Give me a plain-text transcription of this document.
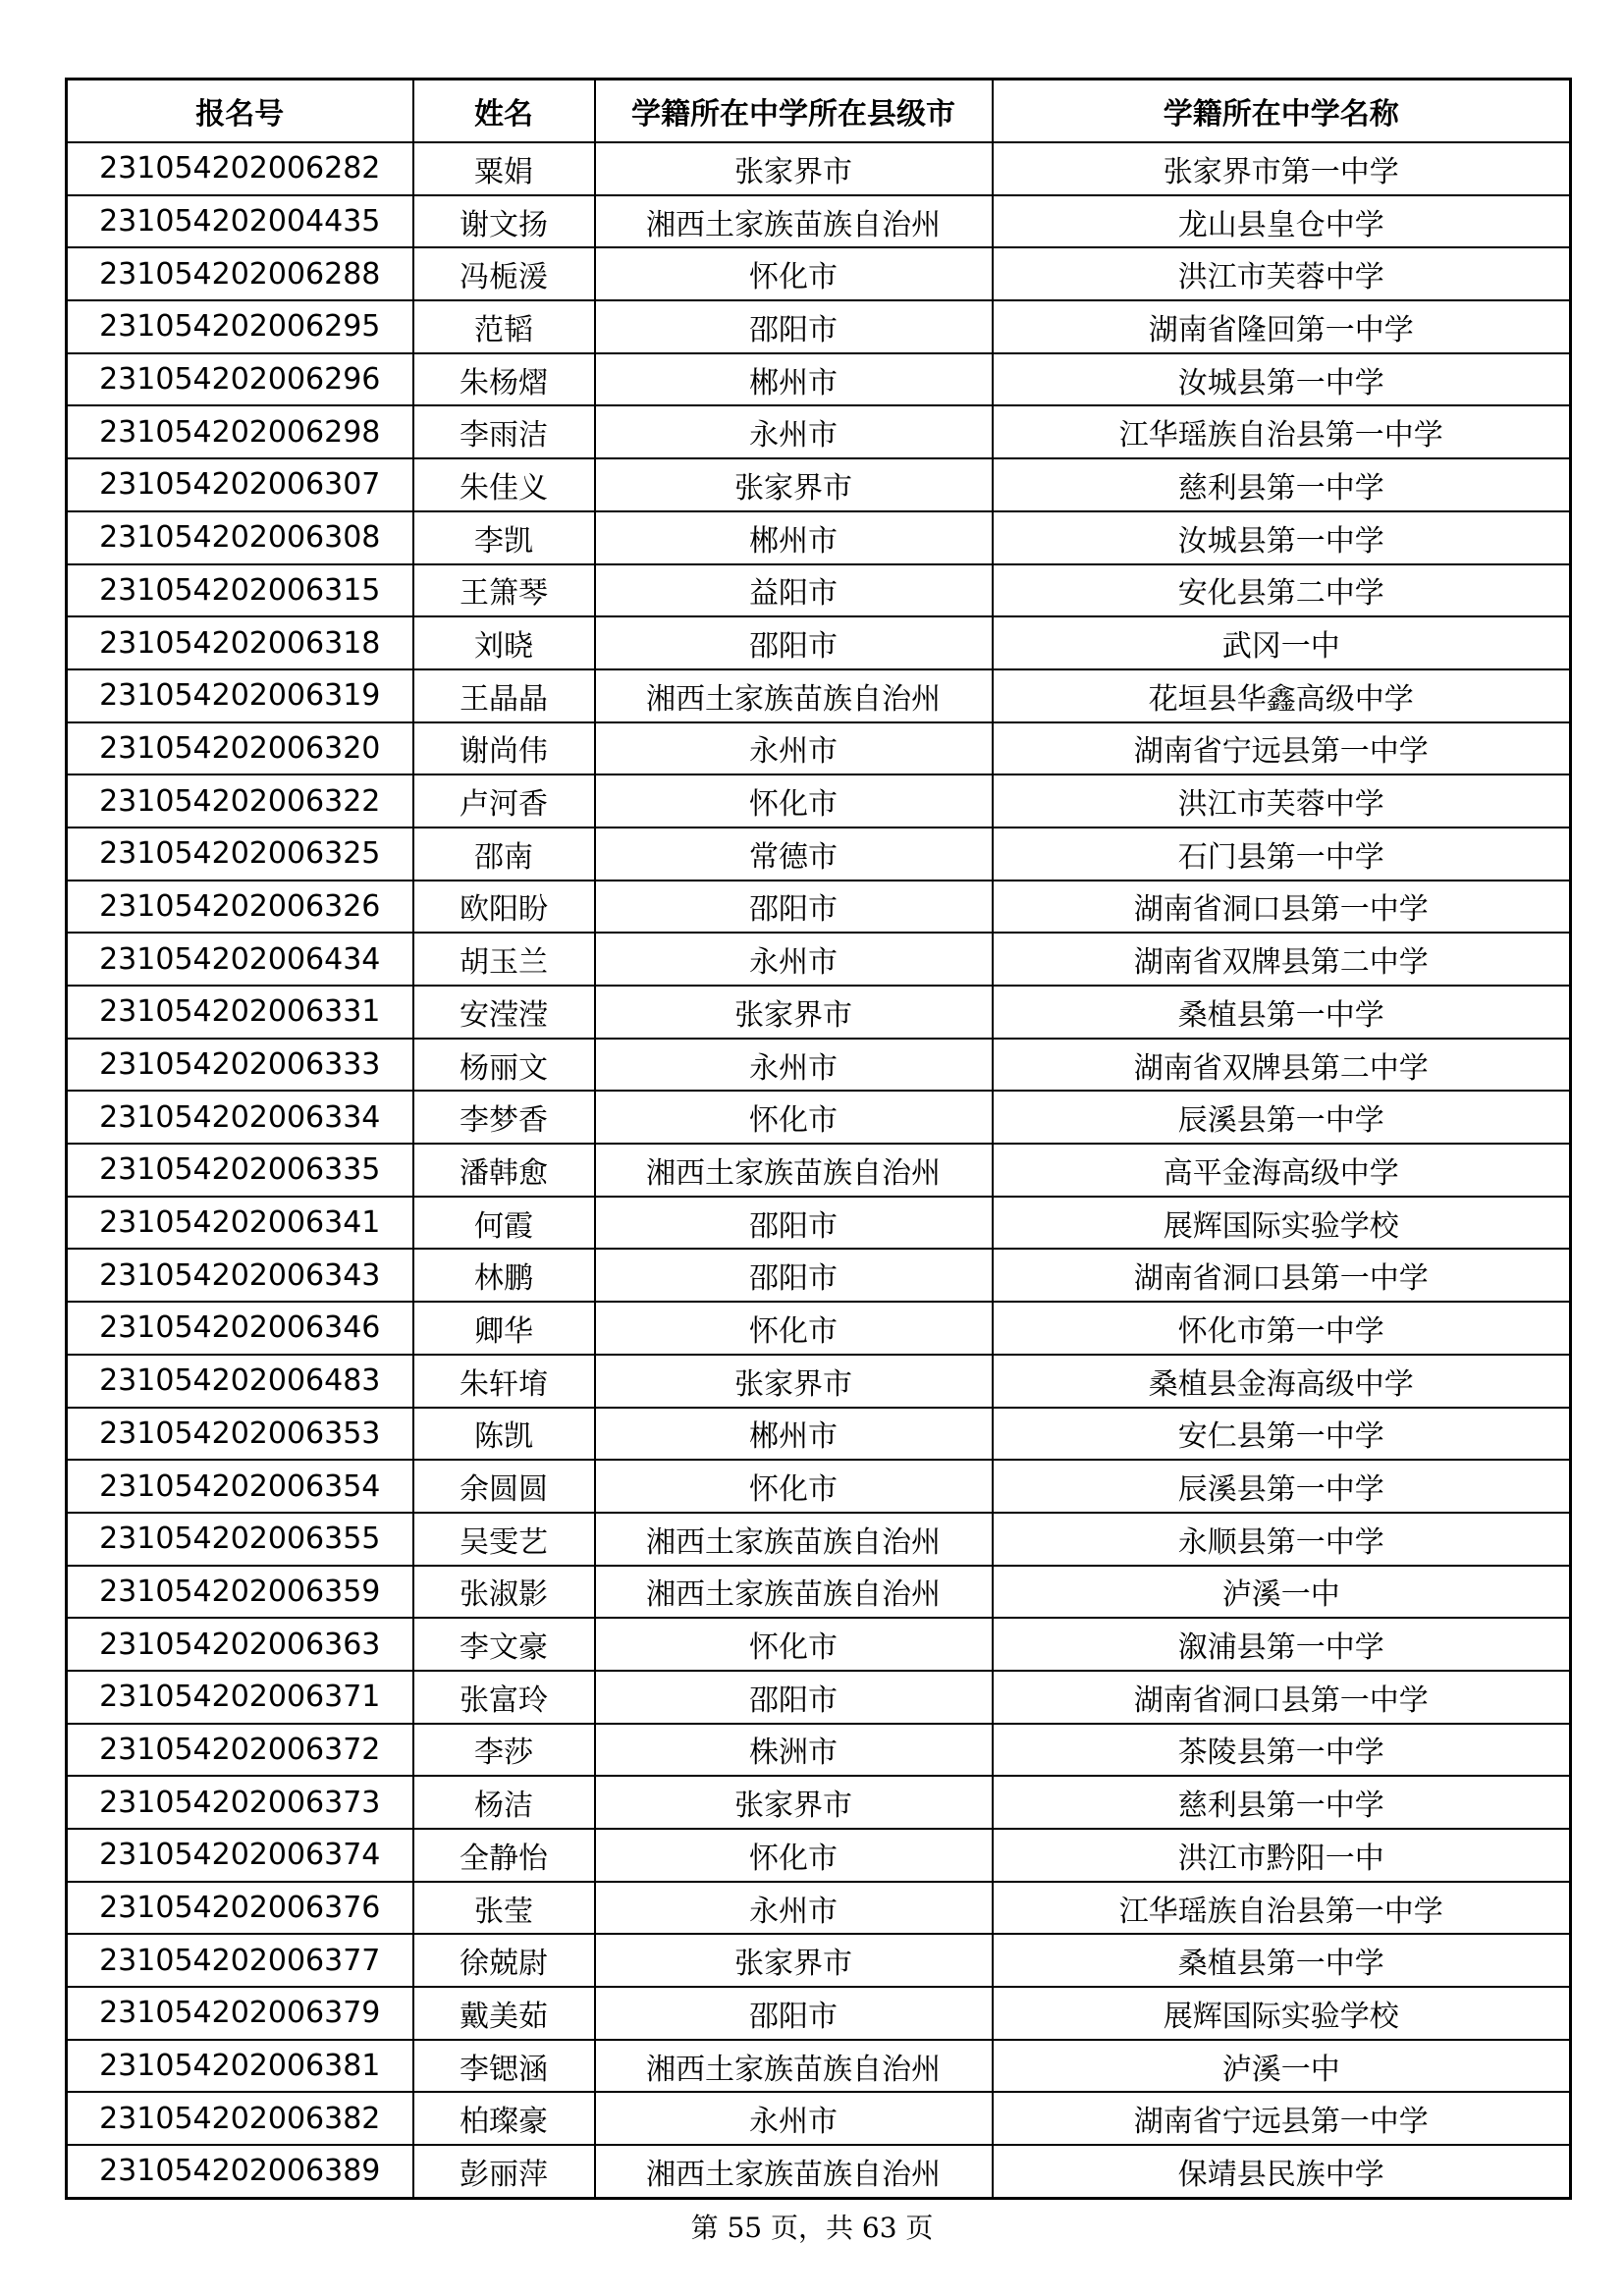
报名号	姓名	学籍所在中学所在县级市	学籍所在中学名称
231054202006282	粟娟	张家界市	张家界市第一中学
231054202004435	谢文扬	湘西土家族苗族自治州	龙山县皇仓中学
231054202006288	冯栀湲	怀化市	洪江市芙蓉中学
231054202006295	范韬	邵阳市	湖南省隆回第一中学
231054202006296	朱杨熠	郴州市	汝城县第一中学
231054202006298	李雨洁	永州市	江华瑶族自治县第一中学
231054202006307	朱佳义	张家界市	慈利县第一中学
231054202006308	李凯	郴州市	汝城县第一中学
231054202006315	王箫琴	益阳市	安化县第二中学
231054202006318	刘晓	邵阳市	武冈一中
231054202006319	王晶晶	湘西土家族苗族自治州	花垣县华鑫高级中学
231054202006320	谢尚伟	永州市	湖南省宁远县第一中学
231054202006322	卢河香	怀化市	洪江市芙蓉中学
231054202006325	邵南	常德市	石门县第一中学
231054202006326	欧阳盼	邵阳市	湖南省洞口县第一中学
231054202006434	胡玉兰	永州市	湖南省双牌县第二中学
231054202006331	安滢滢	张家界市	桑植县第一中学
231054202006333	杨丽文	永州市	湖南省双牌县第二中学
231054202006334	李梦香	怀化市	辰溪县第一中学
231054202006335	潘韩愈	湘西土家族苗族自治州	高平金海高级中学
231054202006341	何霞	邵阳市	展辉国际实验学校
231054202006343	林鹏	邵阳市	湖南省洞口县第一中学
231054202006346	卿华	怀化市	怀化市第一中学
231054202006483	朱轩堉	张家界市	桑植县金海高级中学
231054202006353	陈凯	郴州市	安仁县第一中学
231054202006354	余圆圆	怀化市	辰溪县第一中学
231054202006355	吴雯艺	湘西土家族苗族自治州	永顺县第一中学
231054202006359	张淑影	湘西土家族苗族自治州	泸溪一中
231054202006363	李文豪	怀化市	溆浦县第一中学
231054202006371	张富玲	邵阳市	湖南省洞口县第一中学
231054202006372	李莎	株洲市	茶陵县第一中学
231054202006373	杨洁	张家界市	慈利县第一中学
231054202006374	全静怡	怀化市	洪江市黔阳一中
231054202006376	张莹	永州市	江华瑶族自治县第一中学
231054202006377	徐兢尉	张家界市	桑植县第一中学
231054202006379	戴美茹	邵阳市	展辉国际实验学校
231054202006381	李锶涵	湘西土家族苗族自治州	泸溪一中
231054202006382	柏璨豪	永州市	湖南省宁远县第一中学
231054202006389	彭丽萍	湘西土家族苗族自治州	保靖县民族中学
第 55 页，共 63 页
